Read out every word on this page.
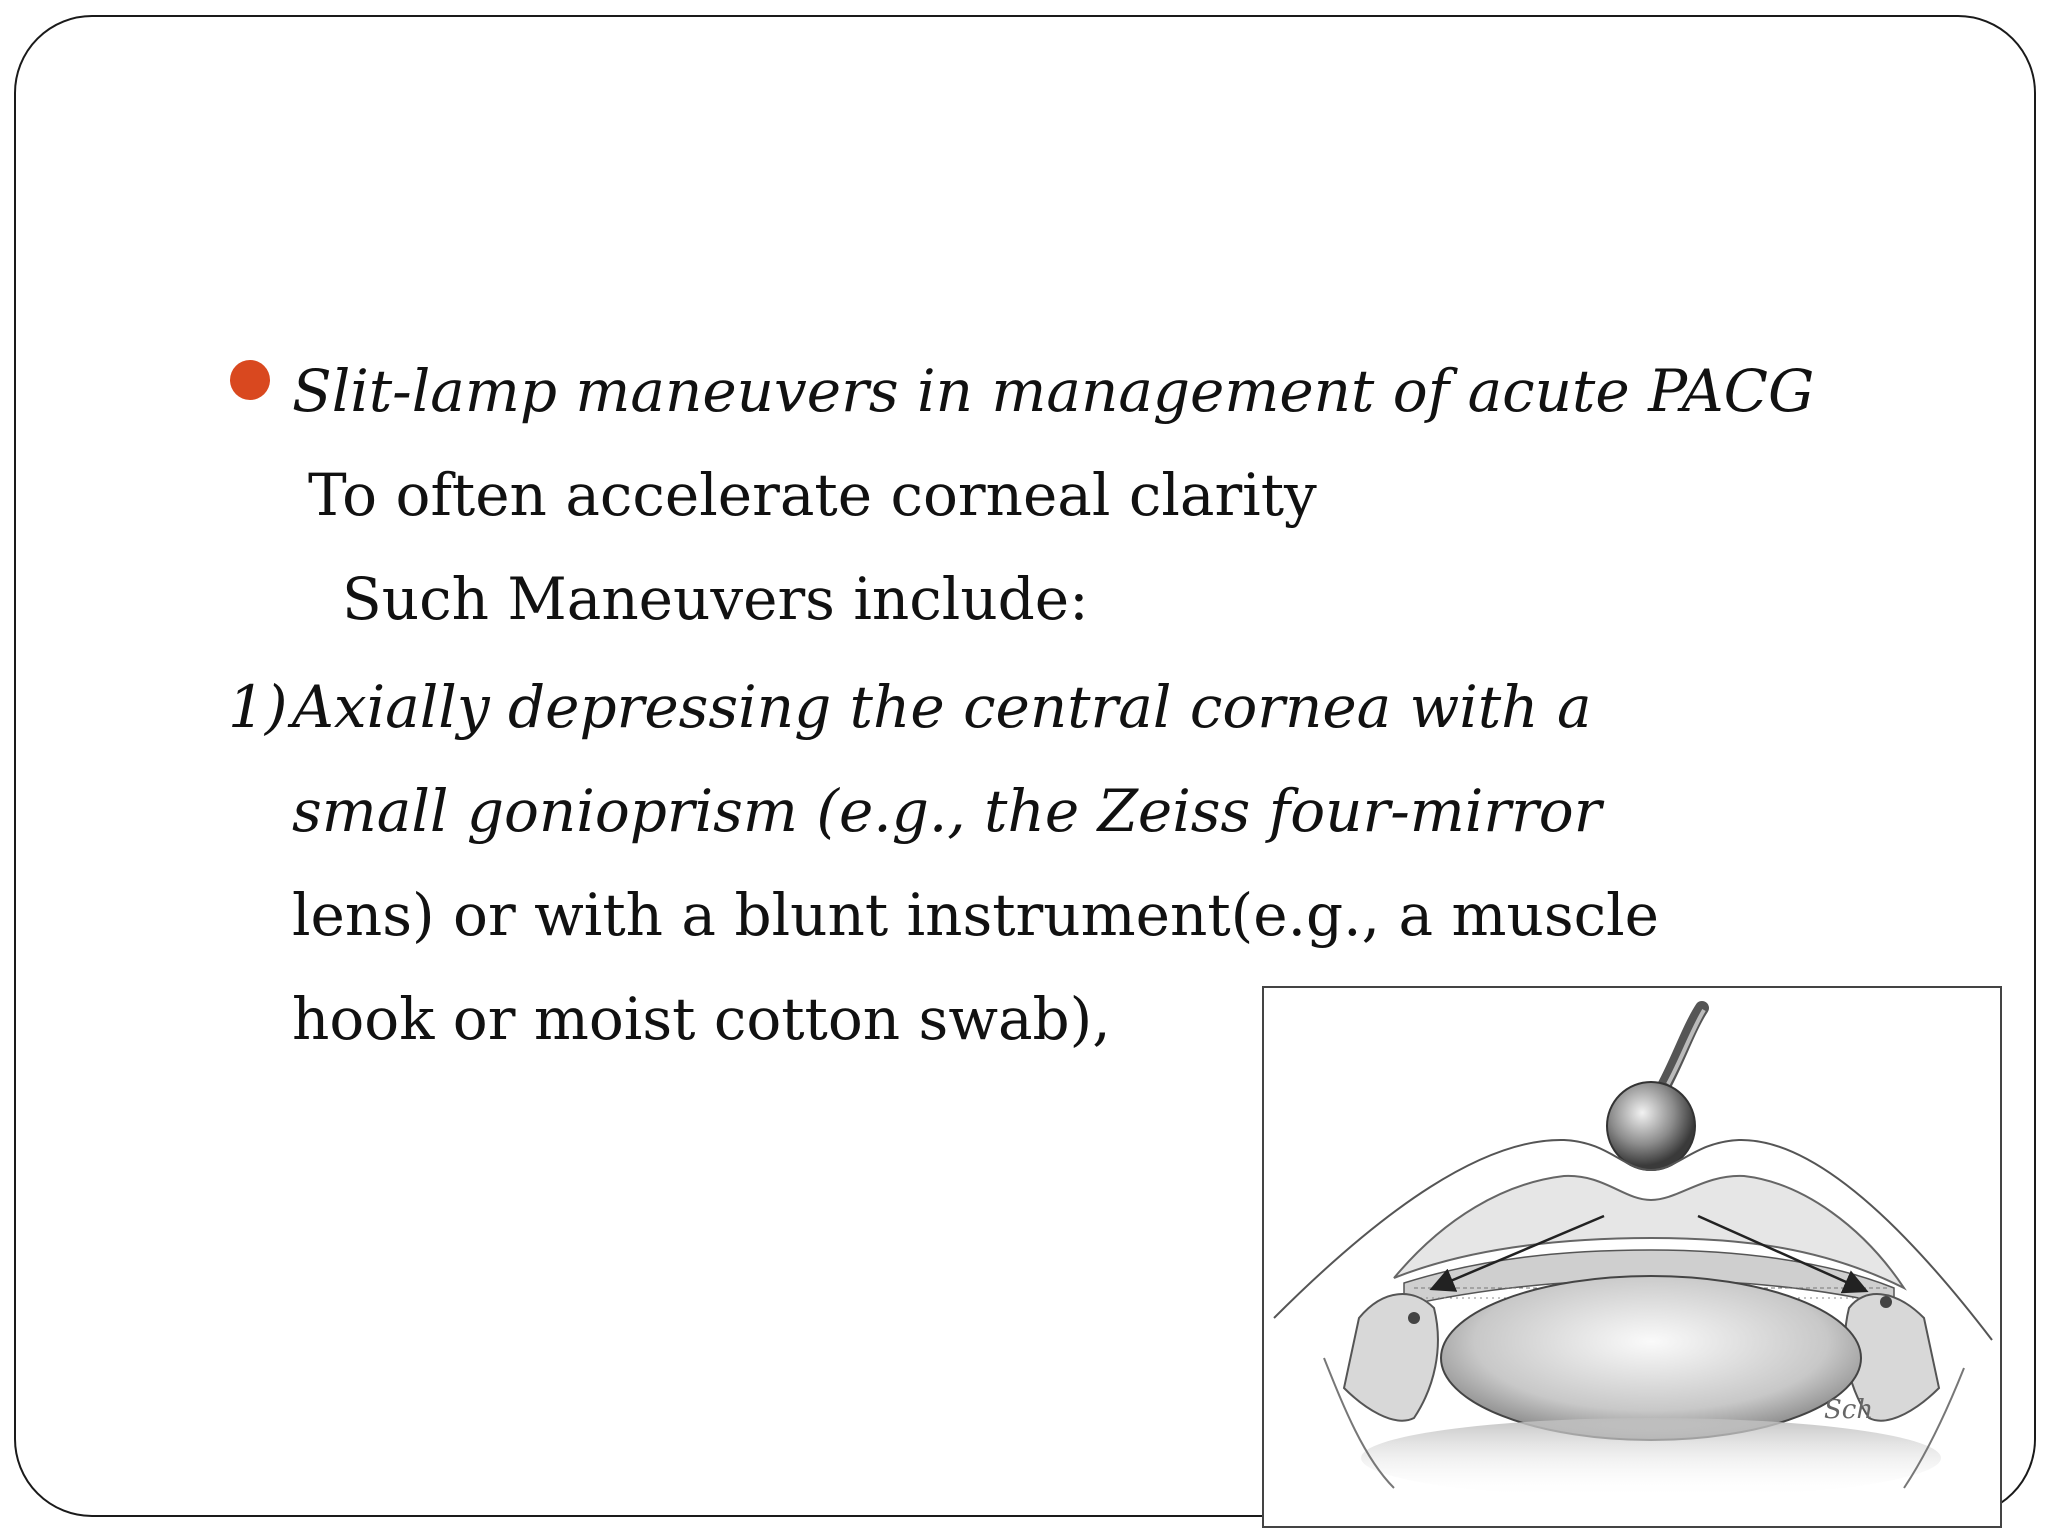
Slit-lamp maneuvers in management of acute PACG
To often accelerate corneal clarity
Such Maneuvers include:
1) Axially depressing the central cornea with a
small gonioprism (e.g., the Zeiss four-mirror
lens) or with a blunt instrument(e.g., a muscle
hook or moist cotton swab),
Sch
